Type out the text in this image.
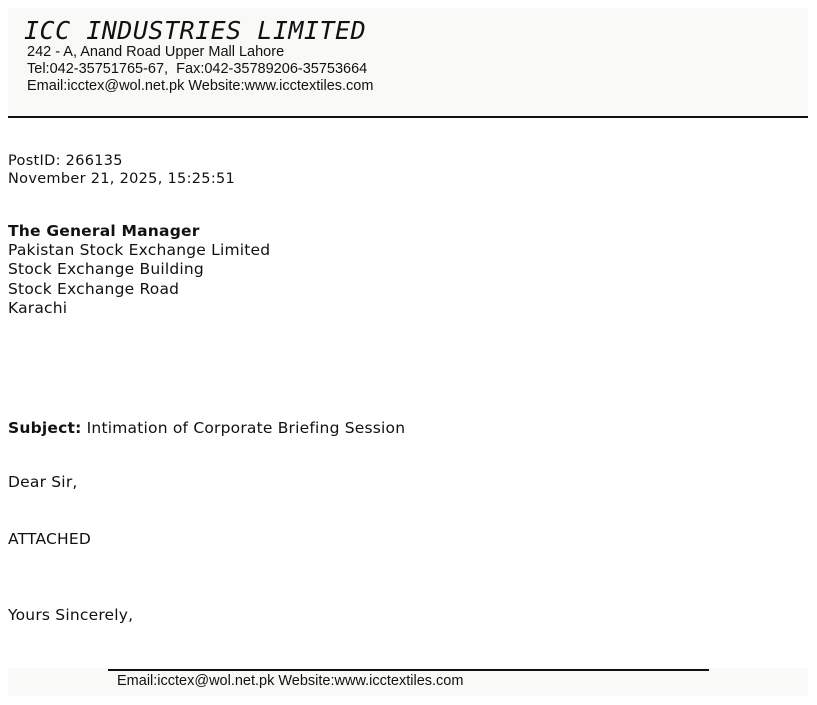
ICC INDUSTRIES LIMITED
242 - A, Anand Road Upper Mall Lahore
Tel:042-35751765-67,  Fax:042-35789206-35753664
Email:icctex@wol.net.pk Website:www.icctextiles.com
PostID: 266135
November 21, 2025, 15:25:51
The General Manager
Pakistan Stock Exchange Limited
Stock Exchange Building
Stock Exchange Road
Karachi
Subject: Intimation of Corporate Briefing Session
Dear Sir,
ATTACHED
Yours Sincerely,
Email:icctex@wol.net.pk Website:www.icctextiles.com
